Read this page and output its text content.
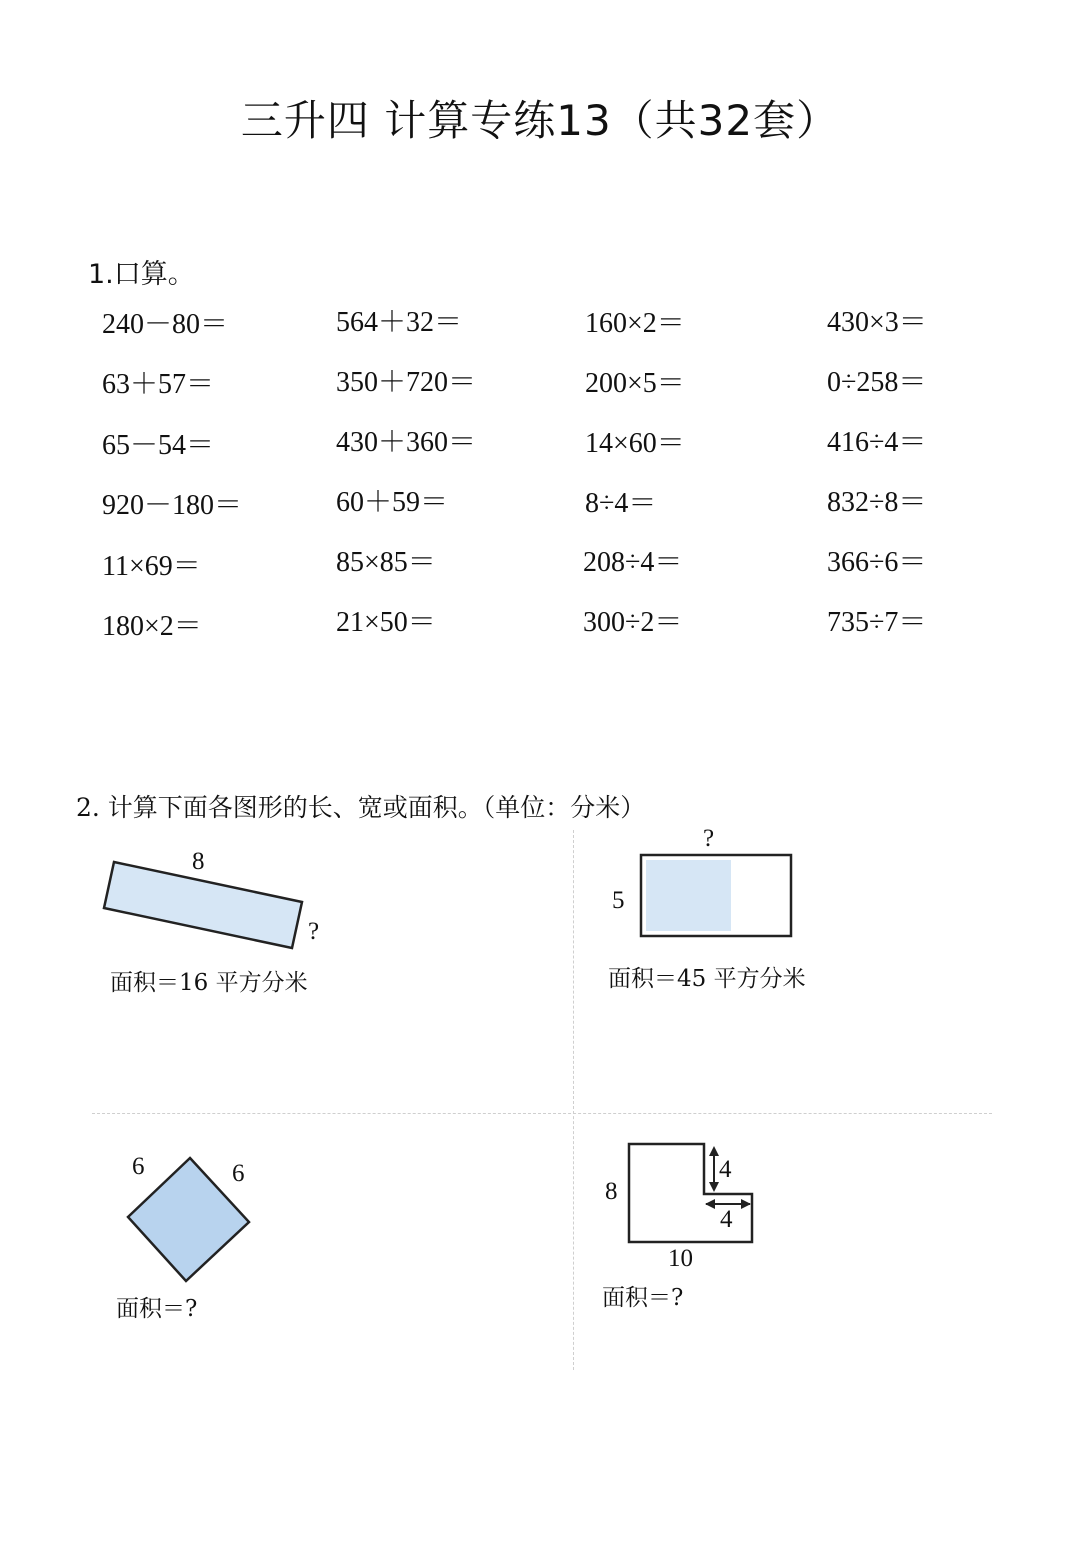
三升四 计算专练13（共32套）
1.口算。
240－80＝	564＋32＝	160×2＝	430×3＝
63＋57＝	350＋720＝	200×5＝	0÷258＝
65－54＝	430＋360＝	14×60＝	416÷4＝
920－180＝	60＋59＝	8÷4＝	832÷8＝
11×69＝	85×85＝	208÷4＝	366÷6＝
180×2＝	21×50＝	300÷2＝	735÷7＝
2. 计算下面各图形的长、宽或面积。（单位：分米）
8
?
面积＝16 平方分米
?
5
面积＝45 平方分米
6	6
面积＝?
8
4
4
10
面积＝?
